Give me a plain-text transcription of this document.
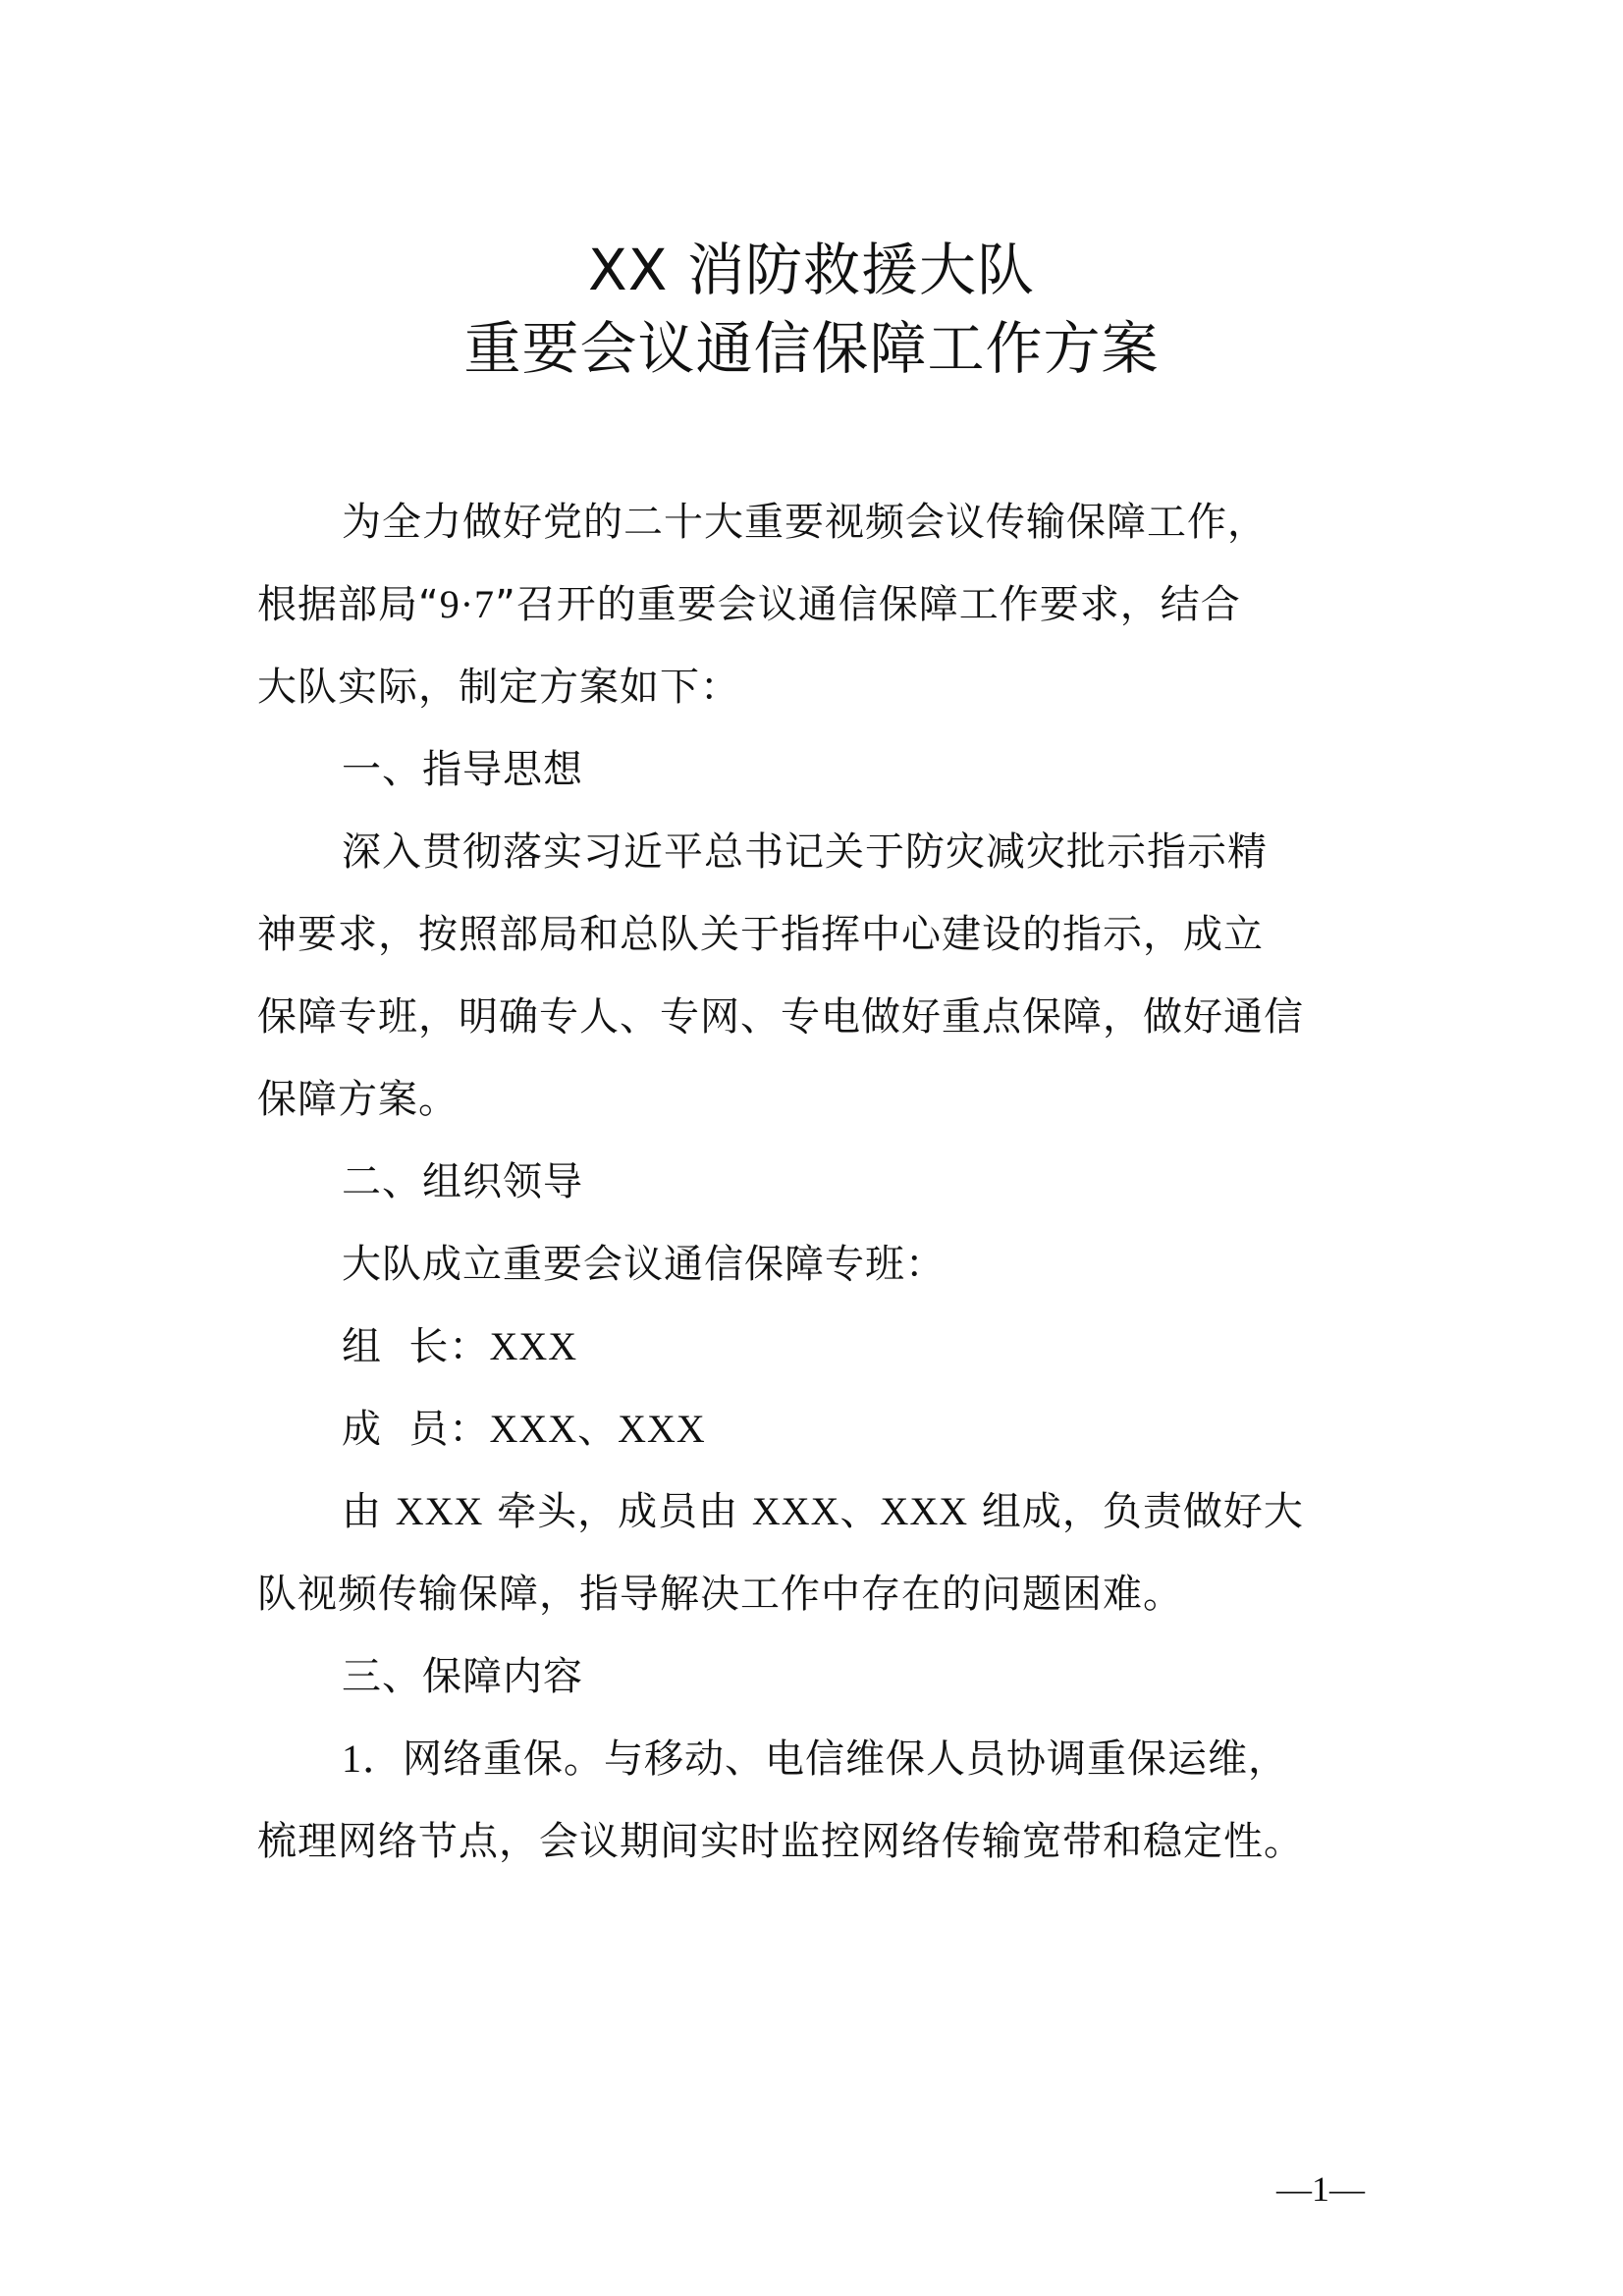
XX 消防救援大队
重要会议通信保障工作方案
为全力做好党的二十大重要视频会议传输保障工作，
根据部局“9·7”召开的重要会议通信保障工作要求，结合
大队实际，制定方案如下：
一、指导思想
深入贯彻落实习近平总书记关于防灾减灾批示指示精
神要求，按照部局和总队关于指挥中心建设的指示，成立
保障专班，明确专人、专网、专电做好重点保障，做好通信
保障方案。
二、组织领导
大队成立重要会议通信保障专班：
组  长：XXX
成  员：XXX、XXX
由 XXX 牵头，成员由 XXX、XXX 组成，负责做好大
队视频传输保障，指导解决工作中存在的问题困难。
三、保障内容
1．网络重保。与移动、电信维保人员协调重保运维，
梳理网络节点，会议期间实时监控网络传输宽带和稳定性。
—1—
